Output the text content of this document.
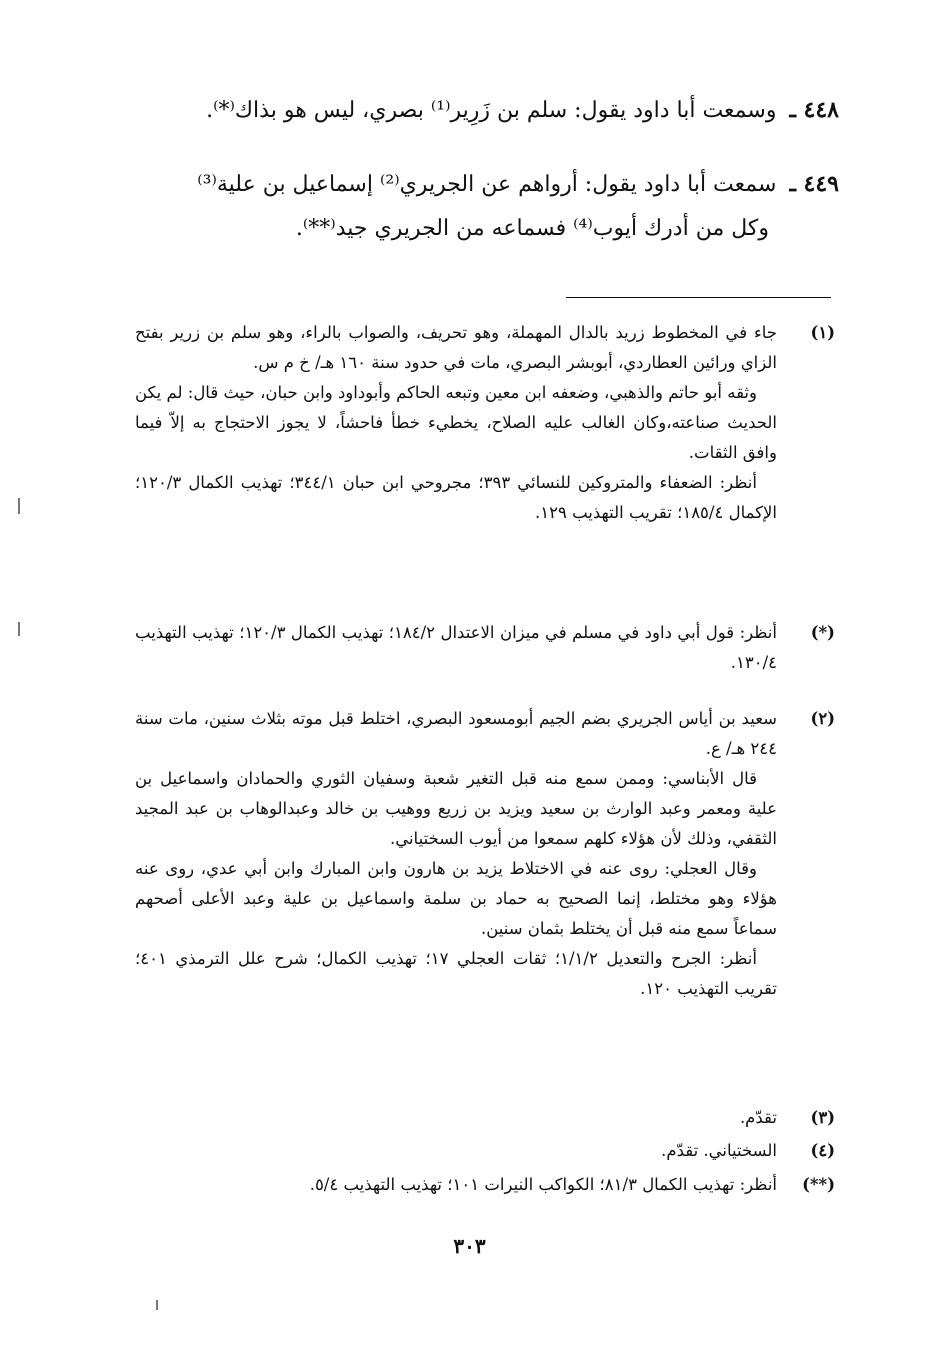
٤٤٨ ـ وسمعت أبا داود يقول: سلم بن زَرِير⁽¹⁾ بصري، ليس هو بذاك⁽*⁾.
٤٤٩ ـ سمعت أبا داود يقول: أرواهم عن الجريري⁽²⁾ إسماعيل بن علية⁽³⁾
وكل من أدرك أيوب⁽⁴⁾ فسماعه من الجريري جيد⁽**⁾.
(١)

جاء في المخطوط زريد بالدال المهملة، وهو تحريف، والصواب بالراء، وهو سلم بن زرير بفتح الزاي ورائين العطاردي، أبوبشر البصري، مات في حدود سنة ١٦٠ هـ/ خ م س.

وثقه أبو حاتم والذهبي، وضعفه ابن معين وتبعه الحاكم وأبوداود وابن حبان، حيث قال: لم يكن الحديث صناعته،وكان الغالب عليه الصلاح، يخطيء خطأ فاحشاً، لا يجوز الاحتجاج به إلاّ فيما وافق الثقات.

أنظر: الضعفاء والمتروكين للنسائي ٣٩٣؛ مجروحي ابن حبان ٣٤٤/١؛ تهذيب الكمال ١٢٠/٣؛ الإكمال ١٨٥/٤؛ تقريب التهذيب ١٢٩.

(*)

أنظر: قول أبي داود في مسلم في ميزان الاعتدال ١٨٤/٢؛ تهذيب الكمال ١٢٠/٣؛ تهذيب التهذيب ١٣٠/٤.

(٢)

سعيد بن أياس الجريري بضم الجيم أبومسعود البصري، اختلط قبل موته بثلاث سنين، مات سنة ٢٤٤ هـ/ ع.

قال الأبناسي: وممن سمع منه قبل التغير شعبة وسفيان الثوري والحمادان واسماعيل بن علية ومعمر وعبد الوارث بن سعيد ويزيد بن زريع ووهيب بن خالد وعبدالوهاب بن عبد المجيد الثقفي، وذلك لأن هؤلاء كلهم سمعوا من أيوب السختياني.

وقال العجلي: روى عنه في الاختلاط يزيد بن هارون وابن المبارك وابن أبي عدي، روى عنه هؤلاء وهو مختلط، إنما الصحيح به حماد بن سلمة واسماعيل بن علية وعبد الأعلى أصحهم سماعاً سمع منه قبل أن يختلط بثمان سنين.

أنظر: الجرح والتعديل ١/١/٢؛ ثقات العجلي ١٧؛ تهذيب الكمال؛ شرح علل الترمذي ٤٠١؛ تقريب التهذيب ١٢٠.

(٣)

تقدّم.

(٤)

السختياني. تقدّم.

(**)

أنظر: تهذيب الكمال ٨١/٣؛ الكواكب النيرات ١٠١؛ تهذيب التهذيب ٥/٤.

٣٠٣
